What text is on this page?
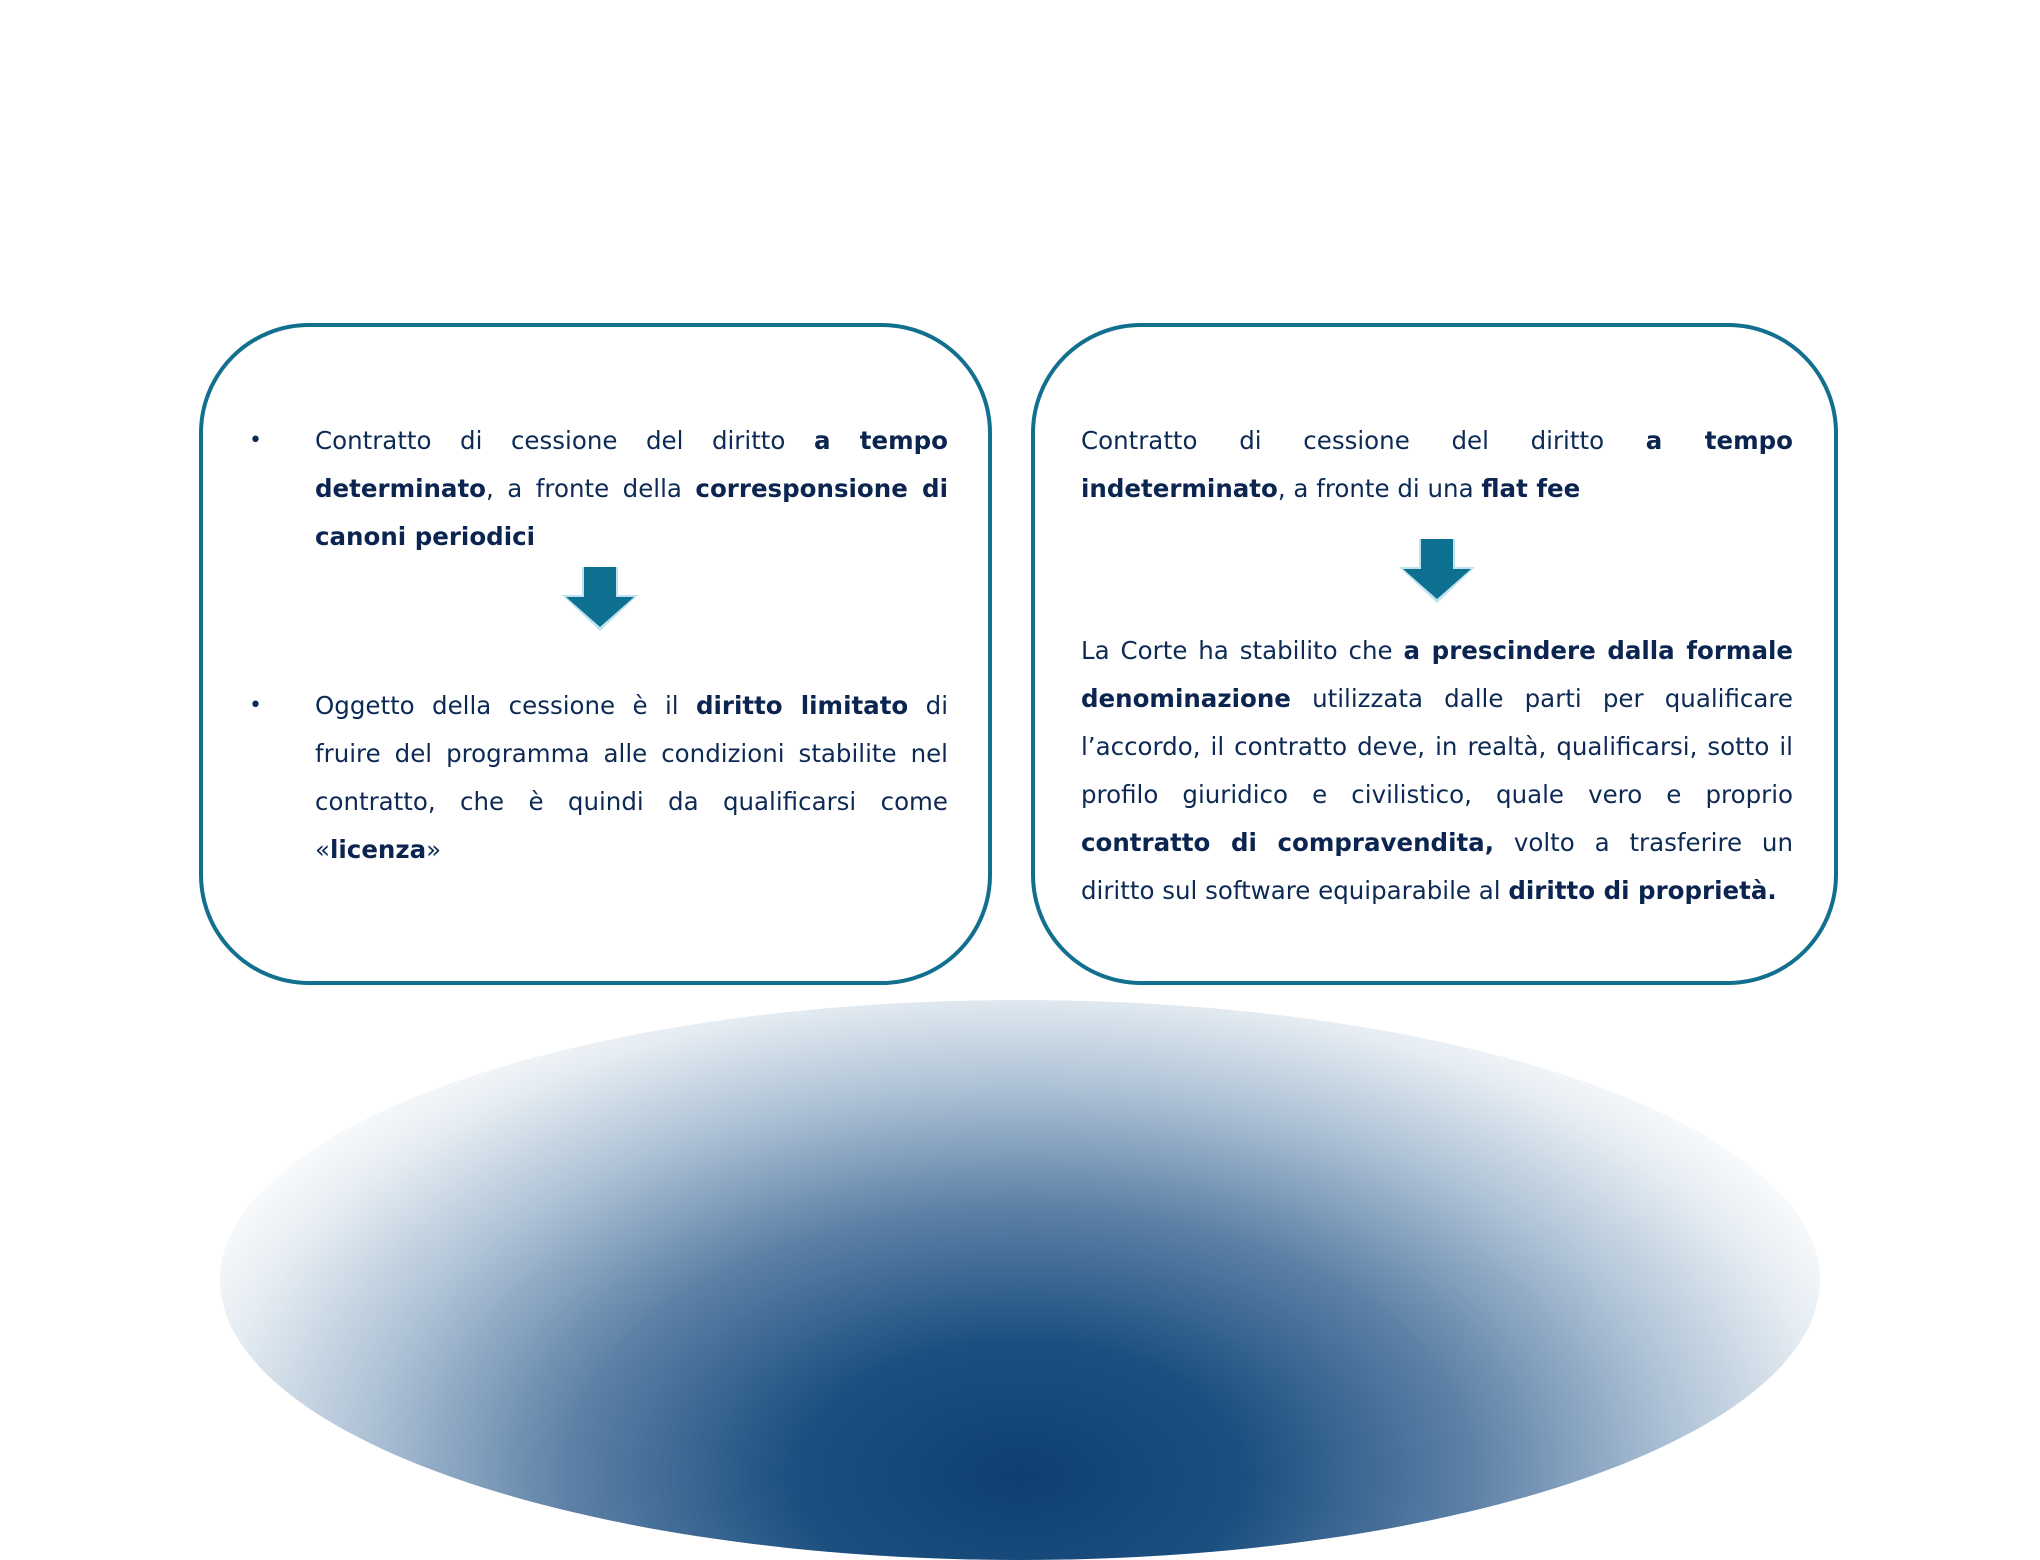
•	Contratto di cessione del diritto a tempo determinato, a fronte della corresponsione di canoni periodici

•	Oggetto della cessione è il diritto limitato di fruire del programma alle condizioni stabilite nel contratto, che è quindi da qualificarsi come «licenza»

Contratto di cessione del diritto a tempo indeterminato, a fronte di una flat fee

La Corte ha stabilito che a prescindere dalla formale denominazione utilizzata dalle parti per qualificare l’accordo, il contratto deve, in realtà, qualificarsi, sotto il profilo giuridico e civilistico, quale vero e proprio contratto di compravendita, volto a trasferire un diritto sul software equiparabile al diritto di proprietà.
